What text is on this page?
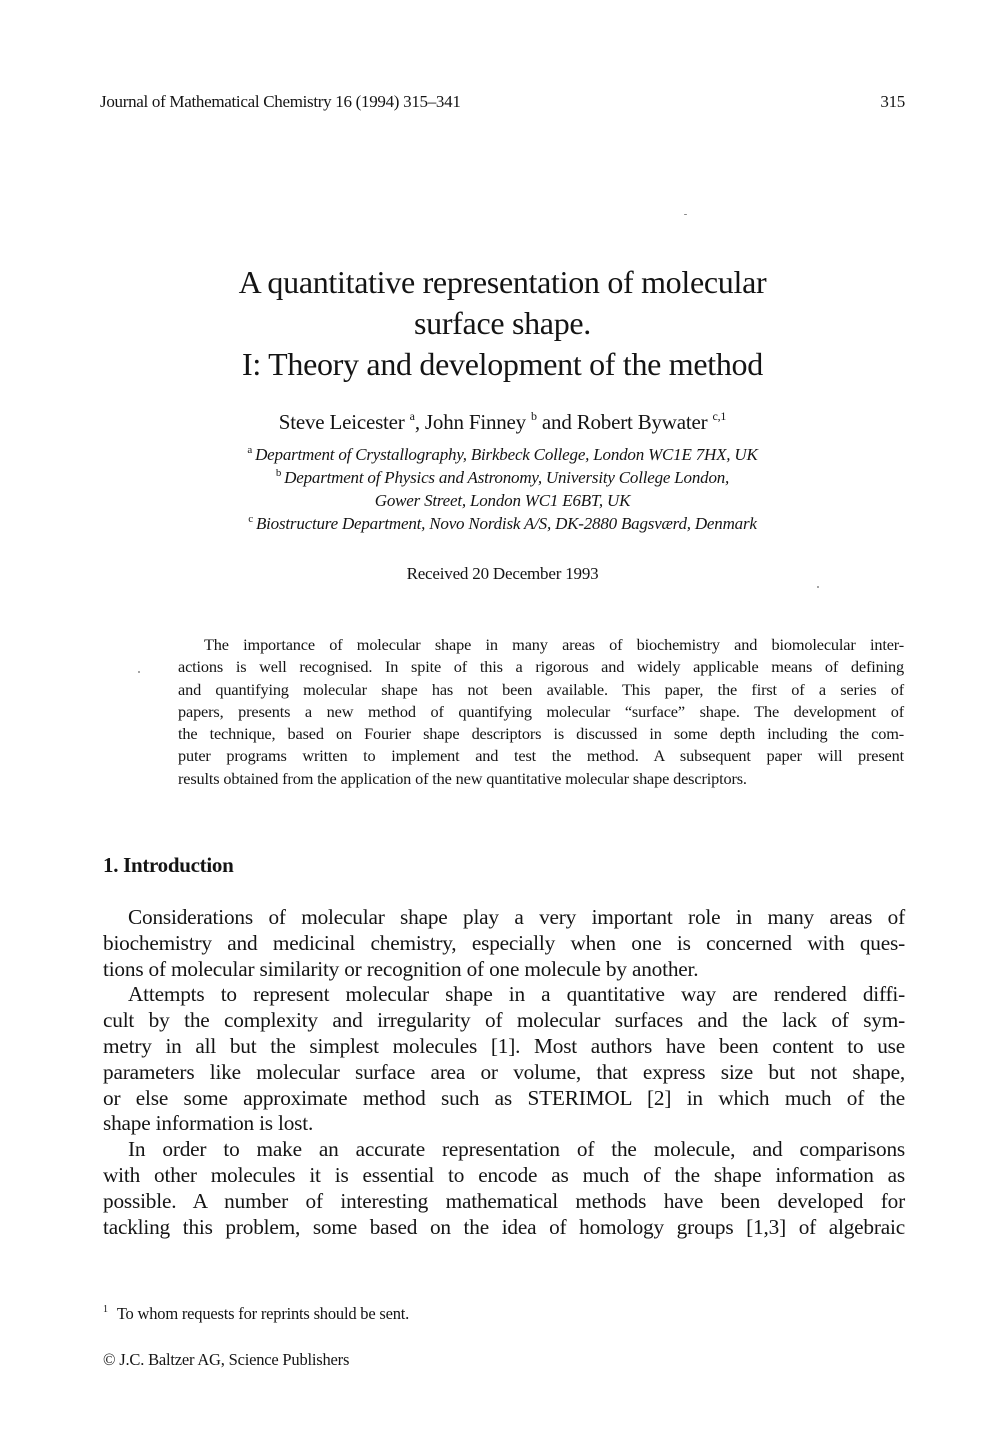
Journal of Mathematical Chemistry 16 (1994) 315–341	315
A quantitative representation of molecular
surface shape.
I: Theory and development of the method
Steve Leicester $^a$, John Finney $^b$ and Robert Bywater $^{c,1}$
$^a$ Department of Crystallography, Birkbeck College, London WC1E 7HX, UK
$^b$ Department of Physics and Astronomy, University College London,
Gower Street, London WC1 E6BT, UK
$^c$ Biostructure Department, Novo Nordisk A/S, DK-2880 Bagsværd, Denmark
Received 20 December 1993
The importance of molecular shape in many areas of biochemistry and biomolecular inter-
actions is well recognised. In spite of this a rigorous and widely applicable means of defining
and quantifying molecular shape has not been available. This paper, the first of a series of
papers, presents a new method of quantifying molecular “surface” shape. The development of
the technique, based on Fourier shape descriptors is discussed in some depth including the com-
puter programs written to implement and test the method. A subsequent paper will present
results obtained from the application of the new quantitative molecular shape descriptors.
1. Introduction
Considerations of molecular shape play a very important role in many areas of
biochemistry and medicinal chemistry, especially when one is concerned with ques-
tions of molecular similarity or recognition of one molecule by another.
Attempts to represent molecular shape in a quantitative way are rendered diffi-
cult by the complexity and irregularity of molecular surfaces and the lack of sym-
metry in all but the simplest molecules [1]. Most authors have been content to use
parameters like molecular surface area or volume, that express size but not shape,
or else some approximate method such as STERIMOL [2] in which much of the
shape information is lost.
In order to make an accurate representation of the molecule, and comparisons
with other molecules it is essential to encode as much of the shape information as
possible. A number of interesting mathematical methods have been developed for
tackling this problem, some based on the idea of homology groups [1,3] of algebraic
$^1$ To whom requests for reprints should be sent.
© J.C. Baltzer AG, Science Publishers
